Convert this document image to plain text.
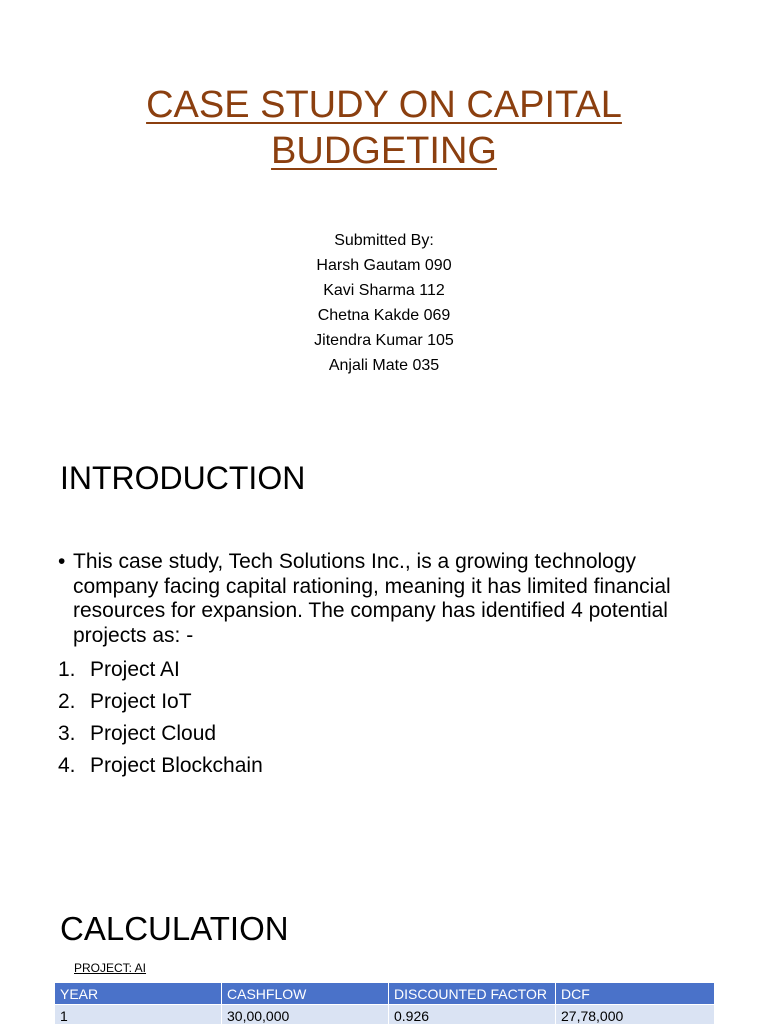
CASE STUDY ON CAPITAL
BUDGETING
Submitted By:
Harsh Gautam 090
Kavi Sharma 112
Chetna Kakde 069
Jitendra Kumar 105
Anjali Mate 035
INTRODUCTION
• This case study, Tech Solutions Inc., is a growing technology company facing capital rationing, meaning it has limited financial resources for expansion. The company has identified 4 potential projects as: -
1. Project AI
2. Project IoT
3. Project Cloud
4. Project Blockchain
CALCULATION
PROJECT: AI
YEAR	CASHFLOW	DISCOUNTED FACTOR	DCF
1	30,00,000	0.926	27,78,000
